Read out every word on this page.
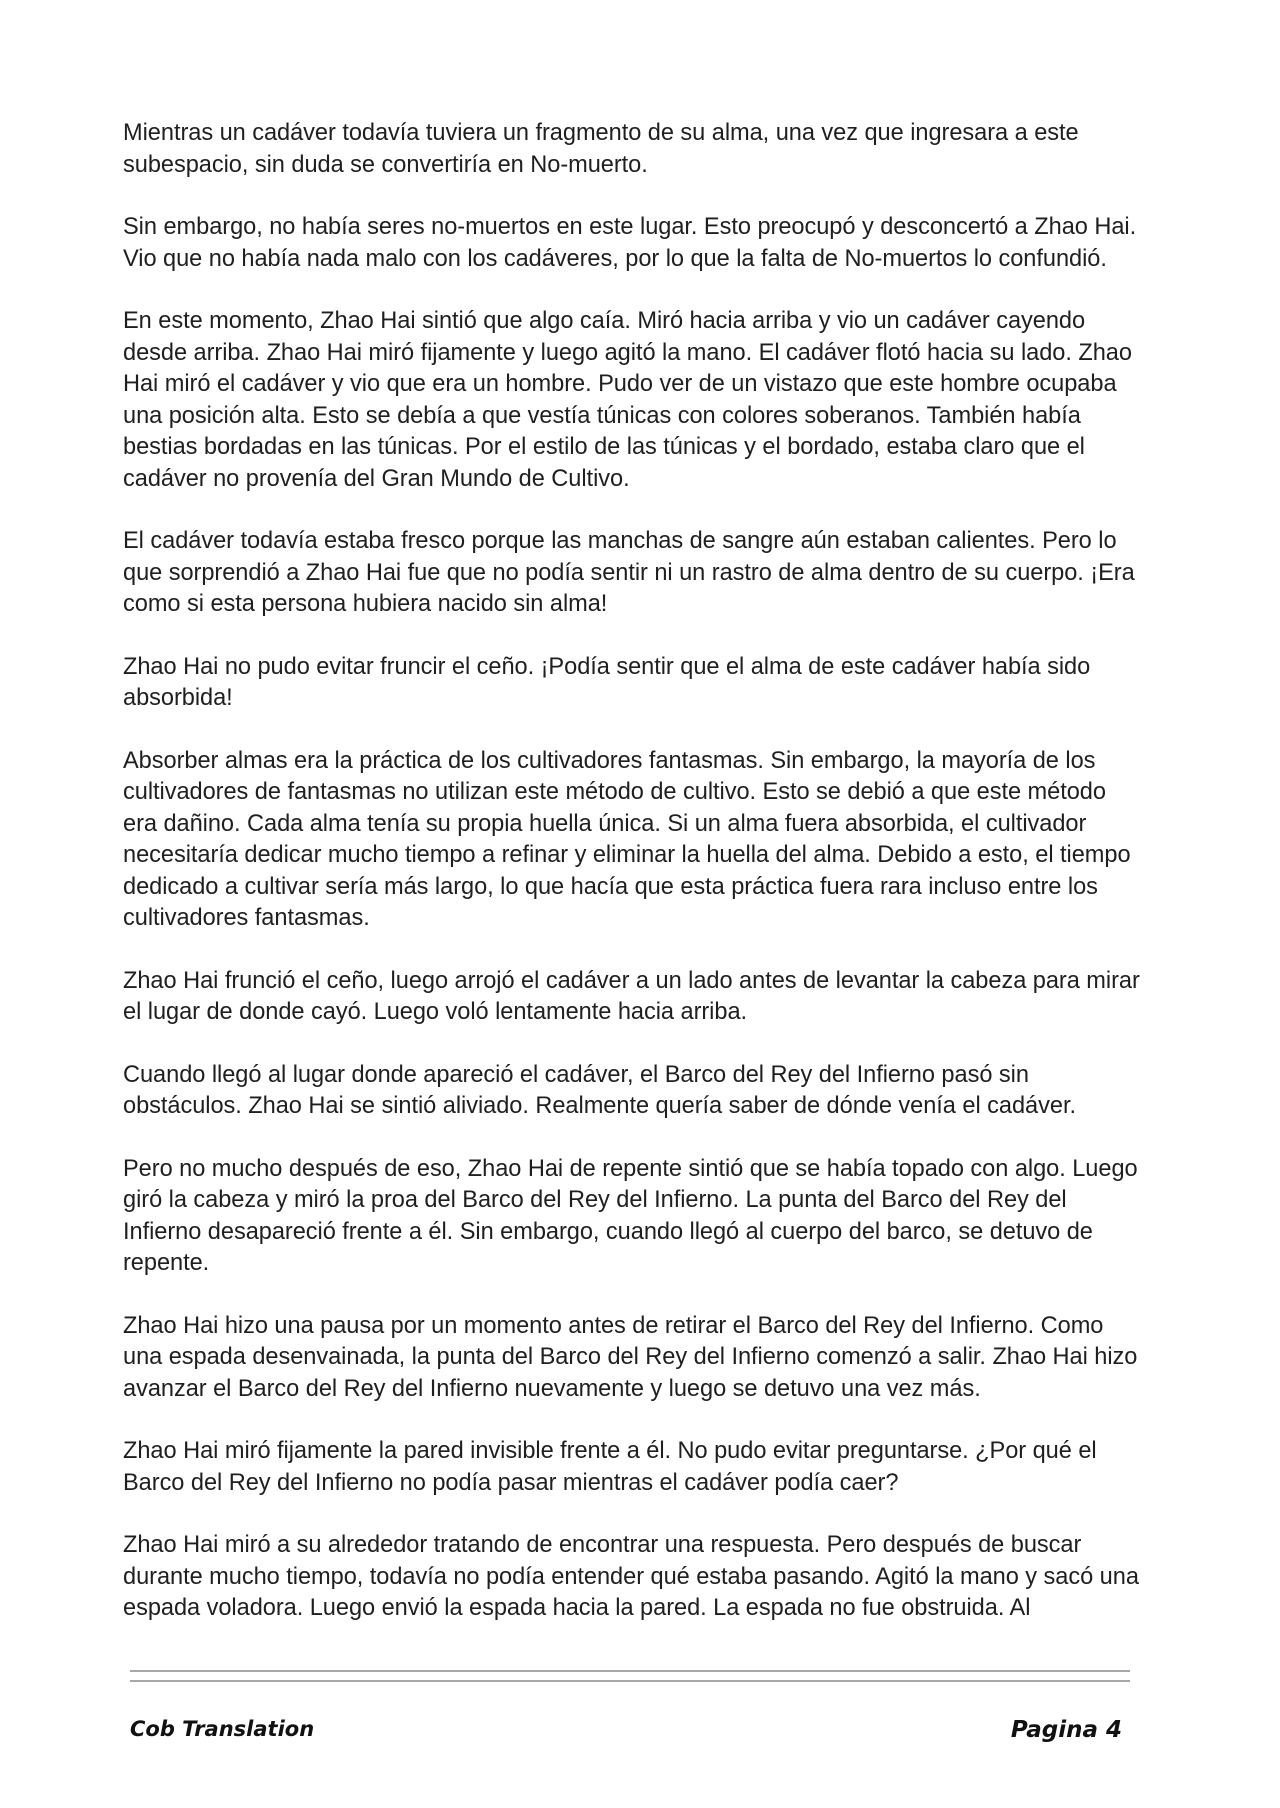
Mientras un cadáver todavía tuviera un fragmento de su alma, una vez que ingresara a este subespacio, sin duda se convertiría en No-muerto.

Sin embargo, no había seres no-muertos en este lugar. Esto preocupó y desconcertó a Zhao Hai. Vio que no había nada malo con los cadáveres, por lo que la falta de No-muertos lo confundió.

En este momento, Zhao Hai sintió que algo caía. Miró hacia arriba y vio un cadáver cayendo desde arriba. Zhao Hai miró fijamente y luego agitó la mano. El cadáver flotó hacia su lado. Zhao Hai miró el cadáver y vio que era un hombre. Pudo ver de un vistazo que este hombre ocupaba una posición alta. Esto se debía a que vestía túnicas con colores soberanos. También había bestias bordadas en las túnicas. Por el estilo de las túnicas y el bordado, estaba claro que el cadáver no provenía del Gran Mundo de Cultivo.

El cadáver todavía estaba fresco porque las manchas de sangre aún estaban calientes. Pero lo que sorprendió a Zhao Hai fue que no podía sentir ni un rastro de alma dentro de su cuerpo. ¡Era como si esta persona hubiera nacido sin alma!

Zhao Hai no pudo evitar fruncir el ceño. ¡Podía sentir que el alma de este cadáver había sido absorbida!

Absorber almas era la práctica de los cultivadores fantasmas. Sin embargo, la mayoría de los cultivadores de fantasmas no utilizan este método de cultivo. Esto se debió a que este método era dañino. Cada alma tenía su propia huella única. Si un alma fuera absorbida, el cultivador necesitaría dedicar mucho tiempo a refinar y eliminar la huella del alma. Debido a esto, el tiempo dedicado a cultivar sería más largo, lo que hacía que esta práctica fuera rara incluso entre los cultivadores fantasmas.

Zhao Hai frunció el ceño, luego arrojó el cadáver a un lado antes de levantar la cabeza para mirar el lugar de donde cayó. Luego voló lentamente hacia arriba.

Cuando llegó al lugar donde apareció el cadáver, el Barco del Rey del Infierno pasó sin obstáculos. Zhao Hai se sintió aliviado. Realmente quería saber de dónde venía el cadáver.

Pero no mucho después de eso, Zhao Hai de repente sintió que se había topado con algo. Luego giró la cabeza y miró la proa del Barco del Rey del Infierno. La punta del Barco del Rey del Infierno desapareció frente a él. Sin embargo, cuando llegó al cuerpo del barco, se detuvo de repente.

Zhao Hai hizo una pausa por un momento antes de retirar el Barco del Rey del Infierno. Como una espada desenvainada, la punta del Barco del Rey del Infierno comenzó a salir. Zhao Hai hizo avanzar el Barco del Rey del Infierno nuevamente y luego se detuvo una vez más.

Zhao Hai miró fijamente la pared invisible frente a él. No pudo evitar preguntarse. ¿Por qué el Barco del Rey del Infierno no podía pasar mientras el cadáver podía caer?

Zhao Hai miró a su alrededor tratando de encontrar una respuesta. Pero después de buscar durante mucho tiempo, todavía no podía entender qué estaba pasando. Agitó la mano y sacó una espada voladora. Luego envió la espada hacia la pared. La espada no fue obstruida. Al

Cob Translation	Pagina 4
